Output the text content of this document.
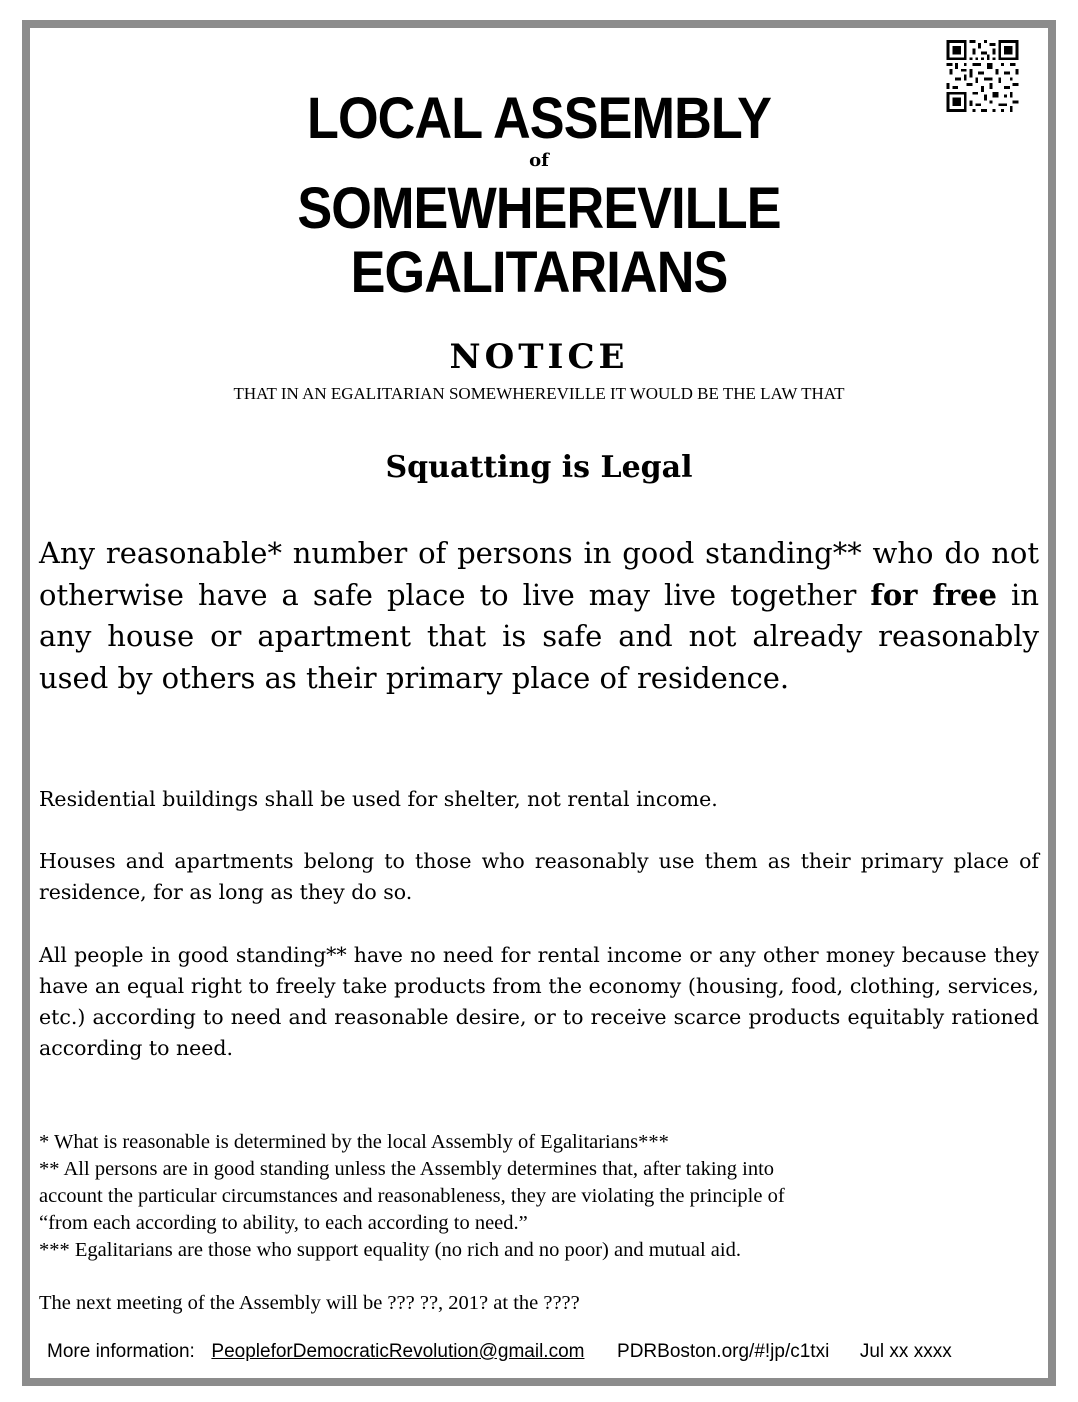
LOCAL ASSEMBLY
of
SOMEWHEREVILLE
EGALITARIANS
NOTICE
THAT IN AN EGALITARIAN SOMEWHEREVILLE IT WOULD BE THE LAW THAT
Squatting is Legal
Any reasonable* number of persons in good standing** who do not otherwise have a safe place to live may live together for free in any house or apartment that is safe and not already reasonably used by others as their primary place of residence.
Residential buildings shall be used for shelter, not rental income.
Houses and apartments belong to those who reasonably use them as their primary place of residence, for as long as they do so.
All people in good standing** have no need for rental income or any other money because they have an equal right to freely take products from the economy (housing, food, clothing, services, etc.) according to need and reasonable desire, or to receive scarce products equitably rationed according to need.
* What is reasonable is determined by the local Assembly of Egalitarians***
** All persons are in good standing unless the Assembly determines that, after taking into
account the particular circumstances and reasonableness, they are violating the principle of
“from each according to ability, to each according to need.”
*** Egalitarians are those who support equality (no rich and no poor) and mutual aid.
The next meeting of the Assembly will be ??? ??, 201? at the ????
More information: PeopleforDemocraticRevolution@gmail.com PDRBoston.org/#!jp/c1txi Jul xx xxxx
